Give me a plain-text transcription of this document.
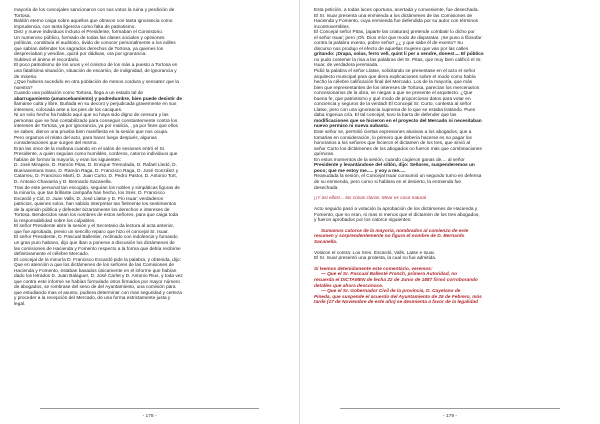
mayoría de los concejales sancionaron con sus votos la ruina y perdición de

Tortosa.

Baldón eterno caiga sobre aquellos que obraron con tanta ignorancia como

imprudencia, con tanta ligereza como falta de patriotismo.

Diez y nueve individuos incluso el Presidente, formaban el Consistorio.

Un numeroso público, formado de todas las clases sociales y opiniones

políticas, constituía el auditorio, ávido de conocer personalmente a los ediles

que sabían defender los sagrados derechos de Tortosa, ya quienes los

despreciaban y vendían, quizá por dádivas, ora por ignorancia.

Sublevó el ánimo el recordarlo.

El poco patriotismo de los unos y el cinismo de los más a puesto a Tortosa en

una fatalísima situación, situación de escarnio, de indignidad, de ignorancia y

de miseria.

¿Que hubiera sucedido en otra población de menos cordura y sensatez que la

nuestra?

Cuando una población como Tortosa, llega a un estado tal de

abarrugamiento (amancebamiento) y podredumbre, bien puede desistir de

llamarse culta y libre. Burlada en su decoro y perjudicada gravemente en sus

intereses, colocada ante a los pies de los caciques.

Ni un solo hecho ha habido aquí que no haya sido digno de censura y las

personas que se han contabilizado para conseguir constantemente contra los

intereses de Tortosa, ya por ignorancia, ya por malicia, , ya por fines que ellos

se saben, dieron una prueba bien manifiesta en la sesión que nos ocupa.

Pero orgamos el relato del acto, para hacer luego después, algunas

consideraciones que surgen del mismo.

Eran las once de la mañana cuando en el salón de sesiones entró el Sr.

Presidente, a quien seguían como humildes, corderos, catorce individuos que

habían de formar la mayoría, y eran los siguientes:

D. José Mirapeix, D. Ramón Pitas, D. Enrique Tremolada, D. Rafael Lledó, D.

Buenaventura Sans, D. Ramón Raga, D. Francisco Raga, D. José González y

Catarreu, D. Francisco Martí, D. Juan Curto, D. Pedro Pastor, D. Antonio Tort,

D. Antonio Chavarria y D. Bernardo Sacanella.

Tras de este personal tan escogido, seguían los nobles y simpáticas figuras de

la minoría, que tan brillante campaña han hecho, los Sres. D. Francisco

Escardó y Cid, D. Juan Valls, D. José Llatse y D. Pío Isuar; verdaderos

patricios, quienes solos, han sabido interpretar tan fielmente los sentimientos

de la opinión pública y defender bizarramente los derechos e intereses de

Tortosa. Bendecidos sean los nombres de estos señores, para que caiga toda

la responsabilidad sobre los culpables.

El señor Presidente abre la sesión y el Secretario da lectura al acta anterior,

que fue aprobada, previo un sencillo reparo que hizo el concejal Sr. Isuar.

El señor Presidente, D. Pascual Ballester, reclinado con indolencia y fumando

un gran puro habano, dijo que iban a ponerse a discusión los dictámenes de

las comisiones de Hacienda y Fomento respecto a la forma que debía recibirse

definitivamente el célebre Mercado.

El concejal de la minoría D. Francisco Escardó pide la palabra, y obtenida, dijo:

Que en atención a que los dictámenes de los señores de las Comisiones de

Hacienda y Fomento, estaban basados únicamente en el informe que habían

dado los letrados D. Juan Balaguer, D. José Carlet y D. Antonio Rius, y toda vez

que contra este informe se habían formulado otros firmados por mayor número

de abogados, se rombrase del seno de del Ayuntamiento, una comisión para

que estudiando mas el asunto, pudiera determinar con mas seguridad y certeza

y proceder a la recepción del Mercado, de una forma estrictamente justa y

legal.

- 178 -

Esta petición, a todas luces oportuna, acertada y conveniente, fue desechada.

El Sr. Isuar presenta una enmienda a los dictámenes de las Comisiones de

Hacienda y Fomento, cuya enmienda fue defendida por su autor con términos

incontrovertibles.

El Concejal señor Pitas, (aparte las criaturas) pretende combatir lo dicho por

el señor Isuar; pero ¡Oh. Dios mío! que modo de disparatar. ¡Se puso a filosofar

contra la palabra exento, pobre señor! ¿¿ y que sabe él de exento? Su

discurso nos produjo el efecto de aquellas mujeres que van por las calles

gritando: ¡Drapa, solas, ferro vell, quint li per a vendre, dones!.... El público

no pudo contener la risa a las palabras del Sr. Pitas, que muy bien calificó el Sr.

Isuar, de verdadera jeremiada.

Pidió la palabra el señor Llatse, solicitando se presentase en el acto el señor

arquitecto municipal para que diera explicaciones sobre el modo como había

hecho la célebre calificación final del Mercado. Los de la mayoría, que más

bien que representantes de los intereses de Tortosa, parecían los mercenarios

concesionarios de la obra, se niegan a que se presente el arquitecto. ¿Que

buena fe, que patriotismo y qué modo de proporcionar datos para votar en

conciencia y seguros de la verdad! El Concejal Sr. Curto, contesta al señor

Llatse, pero con una ignorancia suprema de lo que se estaba tratando. Pues

daba ingenua cría. El tal concejal, tuvo la barra de defender que las

modificaciones que se hicieron en el proyecto del Mercado ni necesitaban

nuevo permiso ni nueva subasta.

Este señor se, permitió ciertas expresiones alusivas a los abogados, que a

tomarlas en consideración, lo primero que debería hacerse es no pagar los

honorarios a los señores que hicieron el dictamen de los tres, que sirvió al

señor Curto los dictámenes de los abogados no fueron más que combinaciones

químicas.

En estos momentos de la sesión, cuando cogieron ganas de.... al señor

Presidente y levantándose del sillón, dijo: Señores, suspenderemos un

poco; que me estoy me..... y voy a me.....

Reanudada la sesión, el Concejal Isuar consumió un segundo turno en defensa

de su enmienda, pero como si hablara en el desierto, la enmienda fue

desechada.

¡¡Y asi ellos!... las cosas claras. Mear es cosa natural

Acto seguido pasó a votación la aprobación de los dictámenes de Hacienda y

Fomento, que no eran, ni mas ni menos que el dictamen de los tres abogados,

y fueron aprobados por los catorce siguientes:

Sumamos catorce de la mayoría, nombrados al comienzo de este

resumen y sorprendentemente no figura el nombre de D. Bernardo

Sacanella.

Votaron el contra: Los Sres. Escardó, Valls, Latse e Isuar.

El Sr. Isuar presentó una protesta, la cual no fue admitida.

Si leemos detenidamente este comentario, veremos:

— Que el Sr. Pascual Ballesté Franch, primera Autoridad, no

recuerda el DICTAMEN de fecha 22 de Junio de 1887 firmó corroborando

detalles que ahora desconoce.

— Que el Sr. Gobernador Civil de la provincia, D. Cayetano de

Pineda, que suspende el acuerdo del Ayuntamiento de 25 de Febrero, más

tarde (17 de Noviembre de este año) se desmienta a favor de la legalidad

- 179 -
